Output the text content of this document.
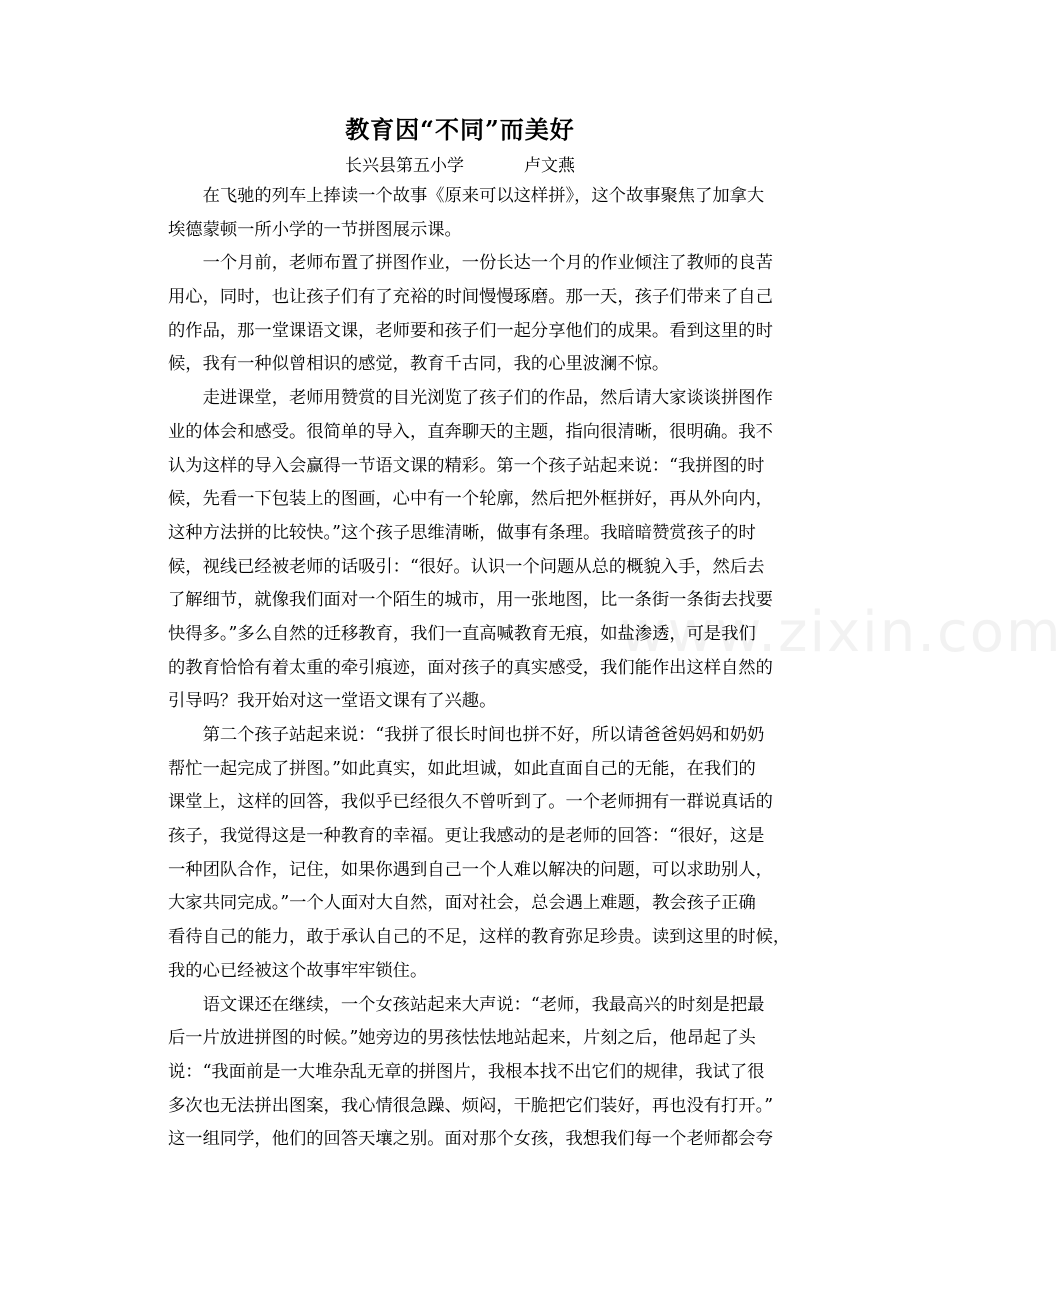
教育因“不同”而美好
长兴县第五小学	卢文燕
www.zixin.com
　　在飞驰的列车上捧读一个故事《原来可以这样拼》，这个故事聚焦了加拿大
埃德蒙顿一所小学的一节拼图展示课。
　　一个月前，老师布置了拼图作业，一份长达一个月的作业倾注了教师的良苦
用心，同时，也让孩子们有了充裕的时间慢慢琢磨。那一天，孩子们带来了自己
的作品，那一堂课语文课，老师要和孩子们一起分享他们的成果。看到这里的时
候，我有一种似曾相识的感觉，教育千古同，我的心里波澜不惊。
　　走进课堂，老师用赞赏的目光浏览了孩子们的作品，然后请大家谈谈拼图作
业的体会和感受。很简单的导入，直奔聊天的主题，指向很清晰，很明确。我不
认为这样的导入会赢得一节语文课的精彩。第一个孩子站起来说：“我拼图的时
候，先看一下包装上的图画，心中有一个轮廓，然后把外框拼好，再从外向内，
这种方法拼的比较快。”这个孩子思维清晰，做事有条理。我暗暗赞赏孩子的时
候，视线已经被老师的话吸引：“很好。认识一个问题从总的概貌入手，然后去
了解细节，就像我们面对一个陌生的城市，用一张地图，比一条街一条街去找要
快得多。”多么自然的迁移教育，我们一直高喊教育无痕，如盐渗透，可是我们
的教育恰恰有着太重的牵引痕迹，面对孩子的真实感受，我们能作出这样自然的
引导吗？我开始对这一堂语文课有了兴趣。
　　第二个孩子站起来说：“我拼了很长时间也拼不好，所以请爸爸妈妈和奶奶
帮忙一起完成了拼图。”如此真实，如此坦诚，如此直面自己的无能，在我们的
课堂上，这样的回答，我似乎已经很久不曾听到了。一个老师拥有一群说真话的
孩子，我觉得这是一种教育的幸福。更让我感动的是老师的回答：“很好，这是
一种团队合作，记住，如果你遇到自己一个人难以解决的问题，可以求助别人，
大家共同完成。”一个人面对大自然，面对社会，总会遇上难题，教会孩子正确
看待自己的能力，敢于承认自己的不足，这样的教育弥足珍贵。读到这里的时候，
我的心已经被这个故事牢牢锁住。
　　语文课还在继续，一个女孩站起来大声说：“老师，我最高兴的时刻是把最
后一片放进拼图的时候。”她旁边的男孩怯怯地站起来，片刻之后，他昂起了头
说：“我面前是一大堆杂乱无章的拼图片，我根本找不出它们的规律，我试了很
多次也无法拼出图案，我心情很急躁、烦闷，干脆把它们装好，再也没有打开。”
这一组同学，他们的回答天壤之别。面对那个女孩，我想我们每一个老师都会夸
